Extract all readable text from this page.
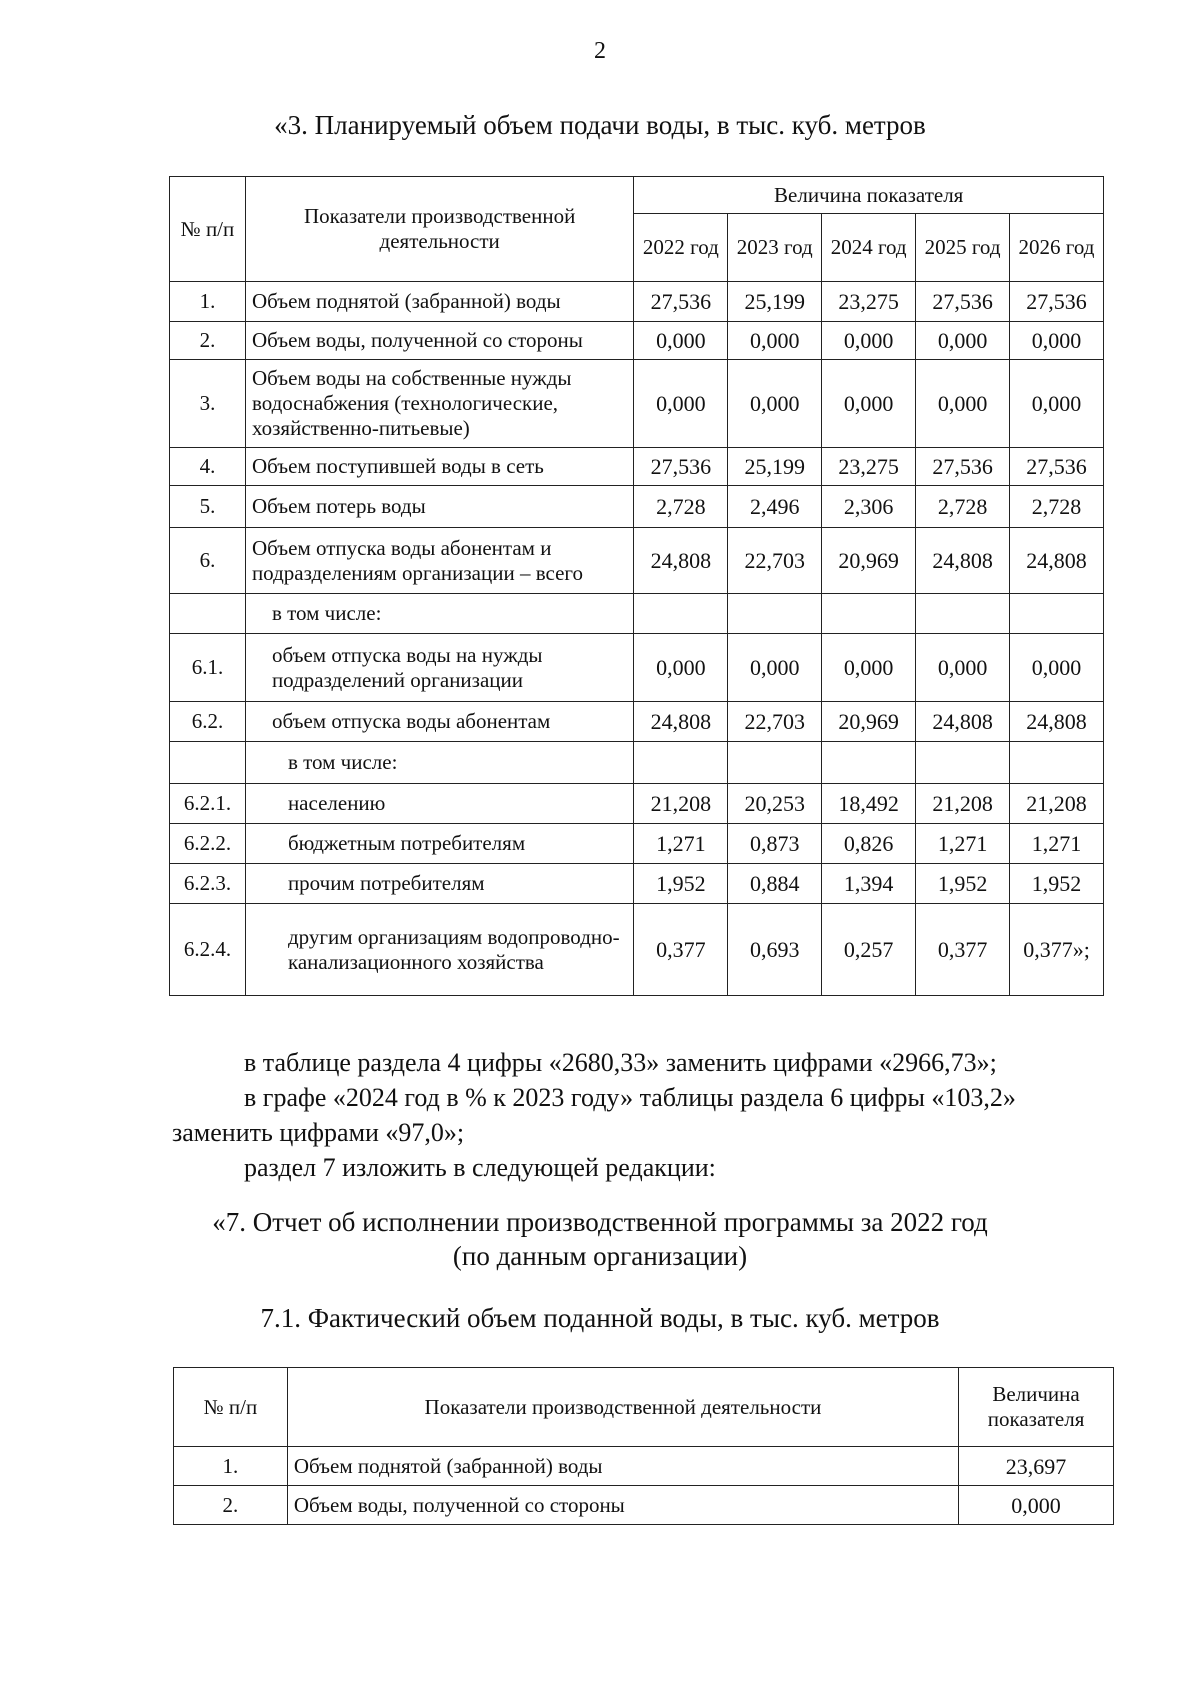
2
«3. Планируемый объем подачи воды, в тыс. куб. метров
№ п/п	Показатели производственной деятельности	Величина показателя				
		2022 год	2023 год	2024 год	2025 год	2026 год
1.	Объем поднятой (забранной) воды	27,536	25,199	23,275	27,536	27,536
2.	Объем воды, полученной со стороны	0,000	0,000	0,000	0,000	0,000
3.	Объем воды на собственные нужды водоснабжения (технологические, хозяйственно-питьевые)	0,000	0,000	0,000	0,000	0,000
4.	Объем поступившей воды в сеть	27,536	25,199	23,275	27,536	27,536
5.	Объем потерь воды	2,728	2,496	2,306	2,728	2,728
6.	Объем отпуска воды абонентам и подразделениям организации – всего	24,808	22,703	20,969	24,808	24,808
	в том числе:					
6.1.	объем отпуска воды на нужды подразделений организации	0,000	0,000	0,000	0,000	0,000
6.2.	объем отпуска воды абонентам	24,808	22,703	20,969	24,808	24,808
	в том числе:					
6.2.1.	населению	21,208	20,253	18,492	21,208	21,208
6.2.2.	бюджетным потребителям	1,271	0,873	0,826	1,271	1,271
6.2.3.	прочим потребителям	1,952	0,884	1,394	1,952	1,952
6.2.4.	другим организациям водопроводно-канализационного хозяйства	0,377	0,693	0,257	0,377	0,377»;
в таблице раздела 4 цифры «2680,33» заменить цифрами «2966,73»;
в графе «2024 год в % к 2023 году» таблицы раздела 6 цифры «103,2» заменить цифрами «97,0»;
раздел 7 изложить в следующей редакции:
«7. Отчет об исполнении производственной программы за 2022 год
(по данным организации)
7.1. Фактический объем поданной воды, в тыс. куб. метров
№ п/п	Показатели производственной деятельности	Величина показателя
1.	Объем поднятой (забранной) воды	23,697
2.	Объем воды, полученной со стороны	0,000
